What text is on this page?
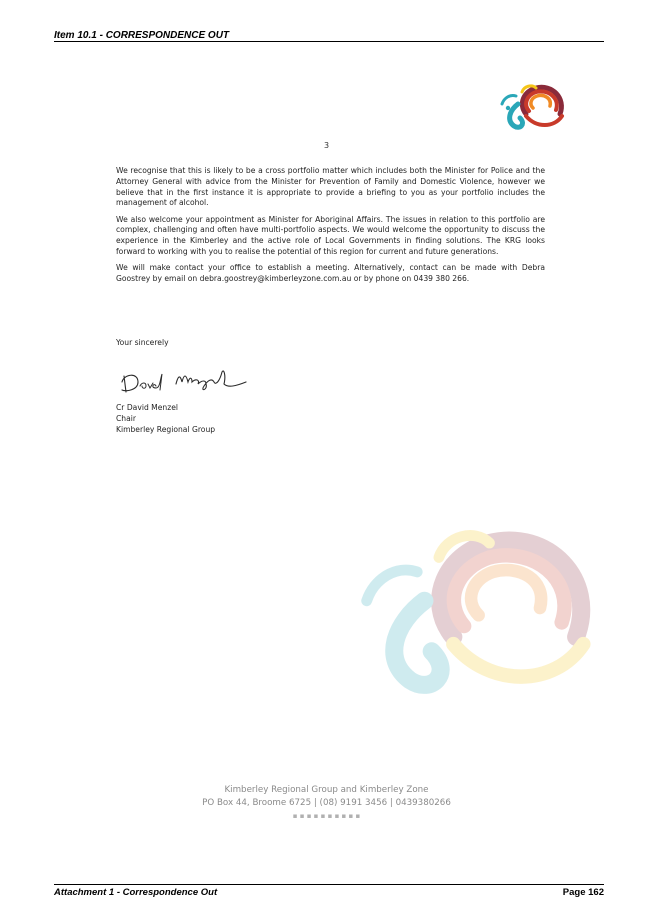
Item 10.1 - CORRESPONDENCE OUT
3

We recognise that this is likely to be a cross portfolio matter which includes both the Minister for Police and the Attorney General with advice from the Minister for Prevention of Family and Domestic Violence, however we believe that in the first instance it is appropriate to provide a briefing to you as your portfolio includes the management of alcohol.

We also welcome your appointment as Minister for Aboriginal Affairs. The issues in relation to this portfolio are complex, challenging and often have multi-portfolio aspects. We would welcome the opportunity to discuss the experience in the Kimberley and the active role of Local Governments in finding solutions. The KRG looks forward to working with you to realise the potential of this region for current and future generations.

We will make contact your office to establish a meeting. Alternatively, contact can be made with Debra Goostrey by email on debra.goostrey@kimberleyzone.com.au or by phone on 0439 380 266.

Your sincerely
Cr David Menzel
Chair
Kimberley Regional Group
Kimberley Regional Group and Kimberley Zone
PO Box 44, Broome 6725 | (08) 9191 3456 | 0439380266
▪ ▪ ▪ ▪ ▪ ▪ ▪ ▪ ▪ ▪
Attachment 1 - Correspondence Out	Page 162
